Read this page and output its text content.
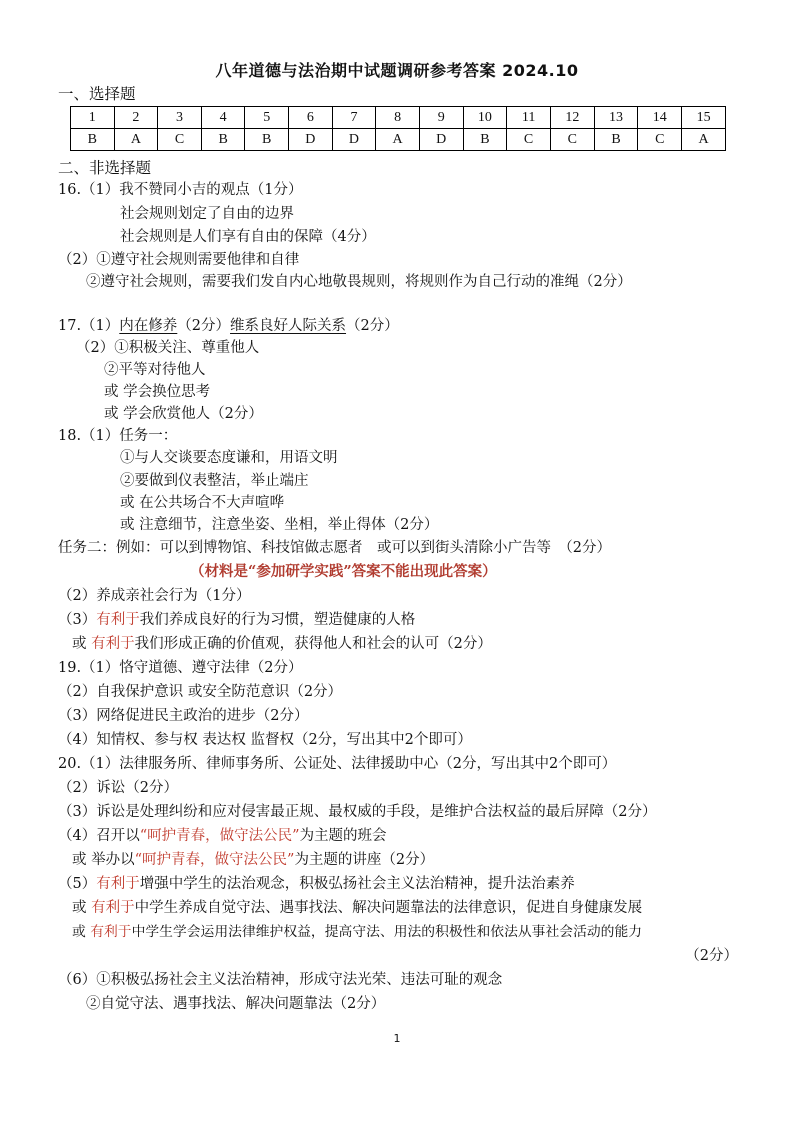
八年道德与法治期中试题调研参考答案 2024.10
一、选择题
1	2	3	4	5	6	7	8	9	10	11	12	13	14	15
B	A	C	B	B	D	D	A	D	B	C	C	B	C	A
二、非选择题
16.（1）我不赞同小吉的观点（1分）
社会规则划定了自由的边界
社会规则是人们享有自由的保障（4分）
（2）①遵守社会规则需要他律和自律
②遵守社会规则，需要我们发自内心地敬畏规则，将规则作为自己行动的准绳（2分）
17.（1）内在修养（2分）维系良好人际关系（2分）
（2）①积极关注、尊重他人
②平等对待他人
或 学会换位思考
或 学会欣赏他人（2分）
18.（1）任务一：
①与人交谈要态度谦和，用语文明
②要做到仪表整洁，举止端庄
或 在公共场合不大声喧哗
或 注意细节，注意坐姿、坐相，举止得体（2分）
任务二：例如：可以到博物馆、科技馆做志愿者　或可以到街头清除小广告等　（2分）
（材料是“参加研学实践”答案不能出现此答案）
（2）养成亲社会行为（1分）
（3）有利于我们养成良好的行为习惯，塑造健康的人格
或 有利于我们形成正确的价值观，获得他人和社会的认可（2分）
19.（1）恪守道德、遵守法律（2分）
（2）自我保护意识 或安全防范意识（2分）
（3）网络促进民主政治的进步（2分）
（4）知情权、参与权 表达权 监督权（2分，写出其中2个即可）
20.（1）法律服务所、律师事务所、公证处、法律援助中心（2分，写出其中2个即可）
（2）诉讼（2分）
（3）诉讼是处理纠纷和应对侵害最正规、最权威的手段，是维护合法权益的最后屏障（2分）
（4）召开以“呵护青春，做守法公民”为主题的班会
或 举办以“呵护青春，做守法公民”为主题的讲座（2分）
（5）有利于增强中学生的法治观念，积极弘扬社会主义法治精神，提升法治素养
或 有利于中学生养成自觉守法、遇事找法、解决问题靠法的法律意识，促进自身健康发展
或 有利于中学生学会运用法律维护权益，提高守法、用法的积极性和依法从事社会活动的能力
（2分）
（6）①积极弘扬社会主义法治精神，形成守法光荣、违法可耻的观念
②自觉守法、遇事找法、解决问题靠法（2分）
1
